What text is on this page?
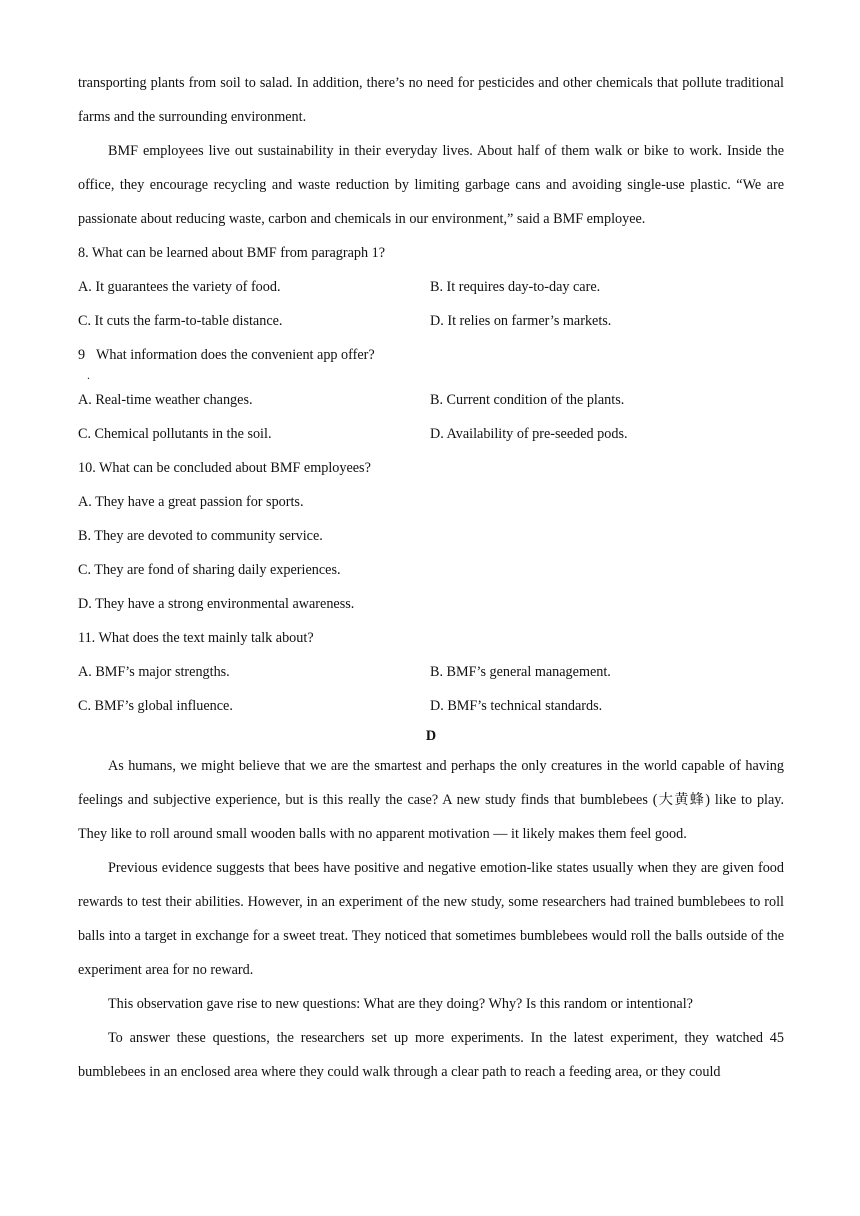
transporting plants from soil to salad. In addition, there’s no need for pesticides and other chemicals that pollute traditional farms and the surrounding environment.

BMF employees live out sustainability in their everyday lives. About half of them walk or bike to work. Inside the office, they encourage recycling and waste reduction by limiting garbage cans and avoiding single-use plastic. “We are passionate about reducing waste, carbon and chemicals in our environment,” said a BMF employee.

8. What can be learned about BMF from paragraph 1?
A. It guarantees the variety of food.	B. It requires day-to-day care.
C. It cuts the farm-to-table distance.	D. It relies on farmer’s markets.
9 What information does the convenient app offer?
.
A. Real-time weather changes.	B. Current condition of the plants.
C. Chemical pollutants in the soil.	D. Availability of pre-seeded pods.
10. What can be concluded about BMF employees?
A. They have a great passion for sports.
B. They are devoted to community service.
C. They are fond of sharing daily experiences.
D. They have a strong environmental awareness.
11. What does the text mainly talk about?
A. BMF’s major strengths.	B. BMF’s general management.
C. BMF’s global influence.	D. BMF’s technical standards.
D

As humans, we might believe that we are the smartest and perhaps the only creatures in the world capable of having feelings and subjective experience, but is this really the case? A new study finds that bumblebees (大黄蜂) like to play. They like to roll around small wooden balls with no apparent motivation — it likely makes them feel good.

Previous evidence suggests that bees have positive and negative emotion-like states usually when they are given food rewards to test their abilities. However, in an experiment of the new study, some researchers had trained bumblebees to roll balls into a target in exchange for a sweet treat. They noticed that sometimes bumblebees would roll the balls outside of the experiment area for no reward.

This observation gave rise to new questions: What are they doing? Why? Is this random or intentional?

To answer these questions, the researchers set up more experiments. In the latest experiment, they watched 45 bumblebees in an enclosed area where they could walk through a clear path to reach a feeding area, or they could
